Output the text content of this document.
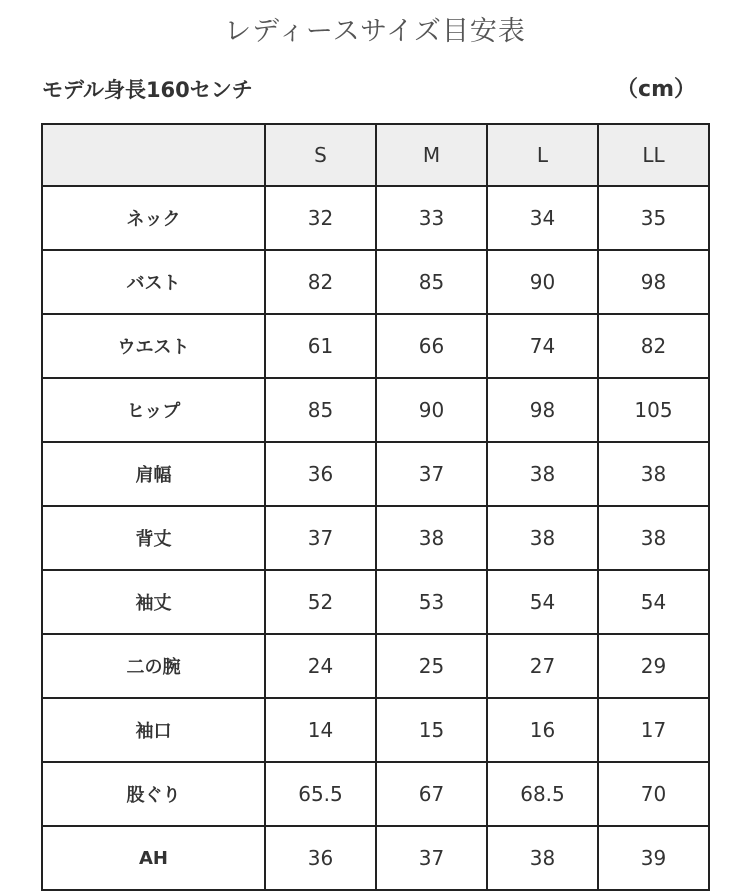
レディースサイズ目安表
モデル身長160センチ	（cm）
	S	M	L	LL
ネック	32	33	34	35
バスト	82	85	90	98
ウエスト	61	66	74	82
ヒップ	85	90	98	105
肩幅	36	37	38	38
背丈	37	38	38	38
袖丈	52	53	54	54
二の腕	24	25	27	29
袖口	14	15	16	17
股ぐり	65.5	67	68.5	70
AH	36	37	38	39
